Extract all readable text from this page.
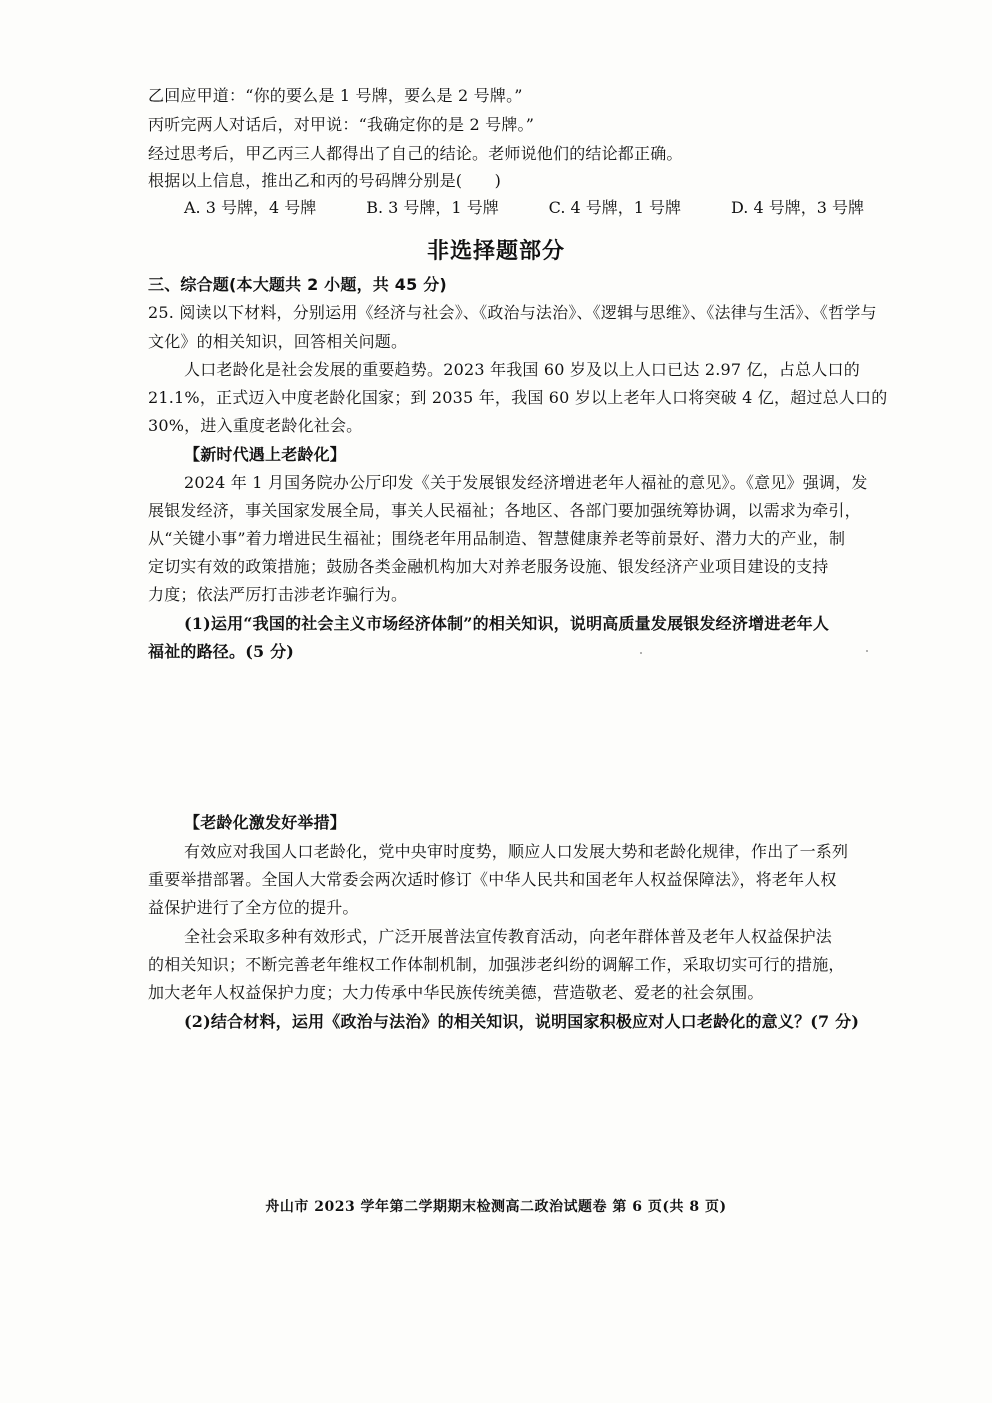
乙回应甲道：“你的要么是 1 号牌，要么是 2 号牌。”
丙听完两人对话后，对甲说：“我确定你的是 2 号牌。”
经过思考后，甲乙丙三人都得出了自己的结论。老师说他们的结论都正确。
根据以上信息，推出乙和丙的号码牌分别是(　　)
A. 3 号牌，4 号牌	B. 3 号牌，1 号牌	C. 4 号牌，1 号牌	D. 4 号牌，3 号牌
非选择题部分
三、综合题(本大题共 2 小题，共 45 分)
25. 阅读以下材料，分别运用《经济与社会》、《政治与法治》、《逻辑与思维》、《法律与生活》、《哲学与
文化》的相关知识，回答相关问题。
人口老龄化是社会发展的重要趋势。2023 年我国 60 岁及以上人口已达 2.97 亿，占总人口的
21.1%，正式迈入中度老龄化国家；到 2035 年，我国 60 岁以上老年人口将突破 4 亿，超过总人口的
30%，进入重度老龄化社会。
【新时代遇上老龄化】
2024 年 1 月国务院办公厅印发《关于发展银发经济增进老年人福祉的意见》。《意见》强调，发
展银发经济，事关国家发展全局，事关人民福祉；各地区、各部门要加强统筹协调，以需求为牵引，
从“关键小事”着力增进民生福祉；围绕老年用品制造、智慧健康养老等前景好、潜力大的产业，制
定切实有效的政策措施；鼓励各类金融机构加大对养老服务设施、银发经济产业项目建设的支持
力度；依法严厉打击涉老诈骗行为。
(1)运用“我国的社会主义市场经济体制”的相关知识，说明高质量发展银发经济增进老年人
福祉的路径。(5 分)
【老龄化激发好举措】
有效应对我国人口老龄化，党中央审时度势，顺应人口发展大势和老龄化规律，作出了一系列
重要举措部署。全国人大常委会两次适时修订《中华人民共和国老年人权益保障法》，将老年人权
益保护进行了全方位的提升。
全社会采取多种有效形式，广泛开展普法宣传教育活动，向老年群体普及老年人权益保护法
的相关知识；不断完善老年维权工作体制机制，加强涉老纠纷的调解工作，采取切实可行的措施，
加大老年人权益保护力度；大力传承中华民族传统美德，营造敬老、爱老的社会氛围。
(2)结合材料，运用《政治与法治》的相关知识，说明国家积极应对人口老龄化的意义？(7 分)
舟山市 2023 学年第二学期期末检测高二政治试题卷 第 6 页(共 8 页)
